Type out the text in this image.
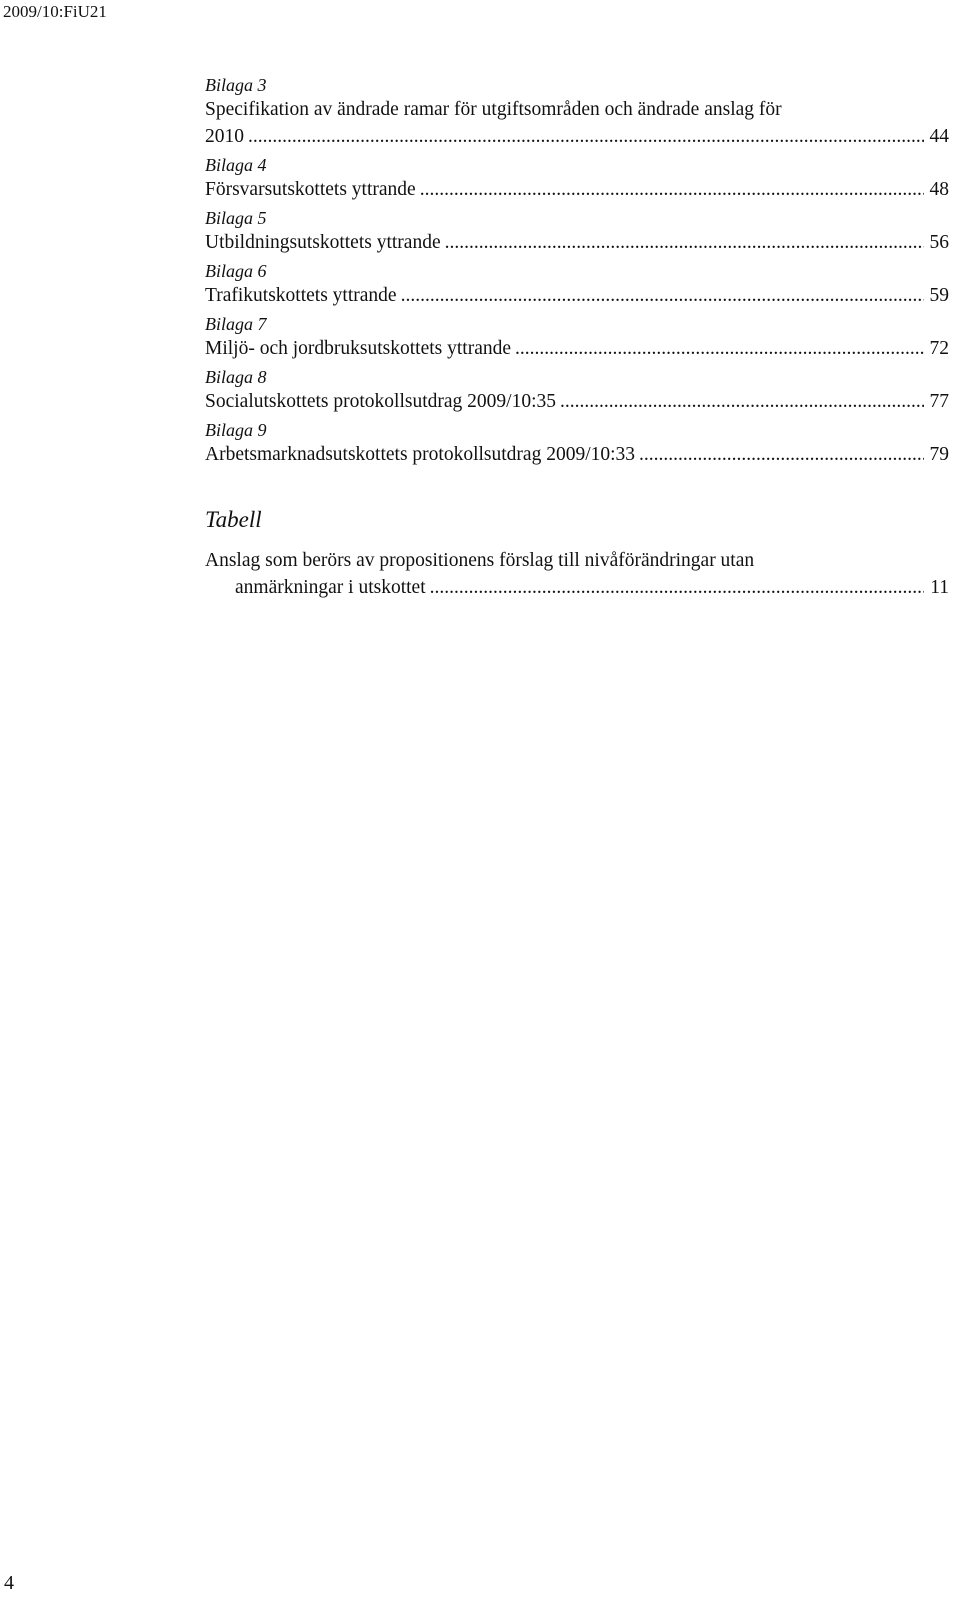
2009/10:FiU21
Bilaga 3
Specifikation av ändrade ramar för utgiftsområden och ändrade anslag för
2010 .....	44
Bilaga 4
Försvarsutskottets yttrande .....	48
Bilaga 5
Utbildningsutskottets yttrande .....	56
Bilaga 6
Trafikutskottets yttrande .....	59
Bilaga 7
Miljö- och jordbruksutskottets yttrande .....	72
Bilaga 8
Socialutskottets protokollsutdrag 2009/10:35 .....	77
Bilaga 9
Arbetsmarknadsutskottets protokollsutdrag 2009/10:33 .....	79
Tabell
Anslag som berörs av propositionens förslag till nivåförändringar utan
anmärkningar i utskottet .....	11
4
